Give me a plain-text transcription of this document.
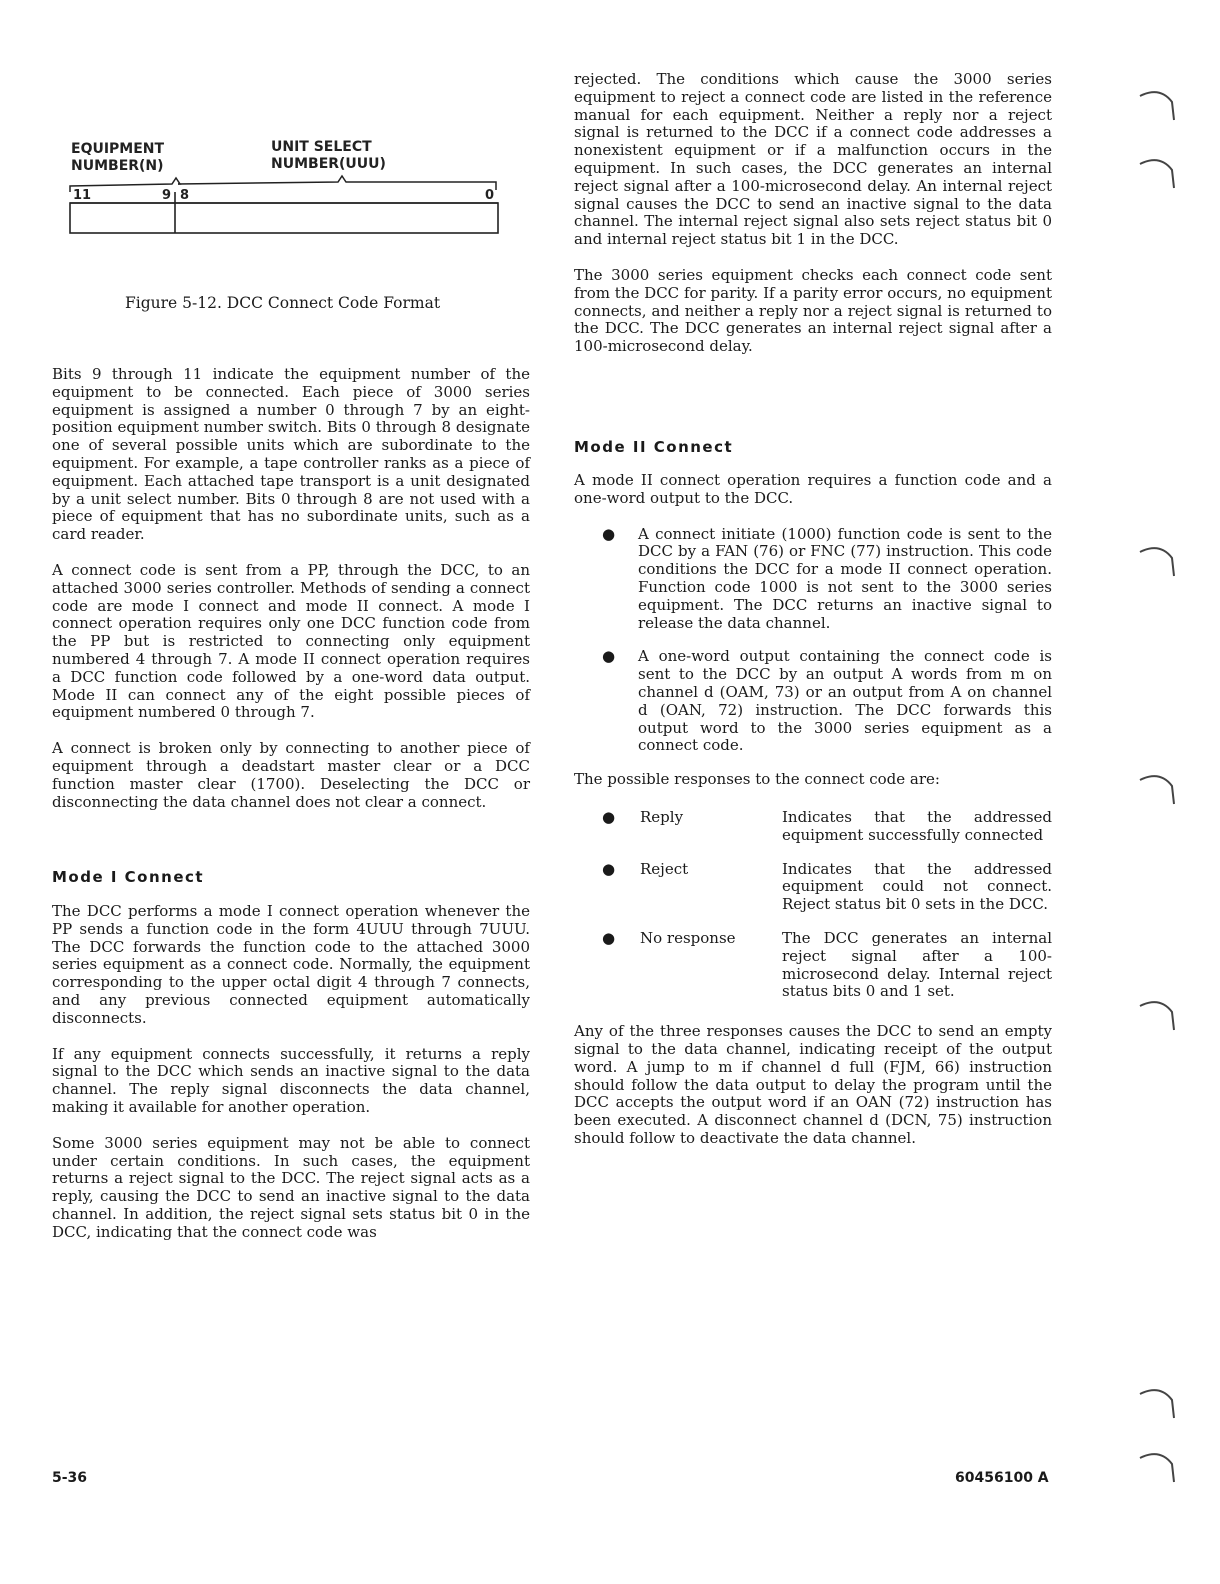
EQUIPMENT
NUMBER(N)
UNIT SELECT
NUMBER(UUU)
11	9 8	0
Figure 5-12. DCC Connect Code Format

Bits 9 through 11 indicate the equipment number of the equipment to be connected. Each piece of 3000 series equipment is assigned a number 0 through 7 by an eight-position equipment number switch. Bits 0 through 8 designate one of several possible units which are subordinate to the equipment. For example, a tape controller ranks as a piece of equipment. Each attached tape transport is a unit designated by a unit select number. Bits 0 through 8 are not used with a piece of equipment that has no subordinate units, such as a card reader.

A connect code is sent from a PP, through the DCC, to an attached 3000 series controller. Methods of sending a connect code are mode I connect and mode II connect. A mode I connect operation requires only one DCC function code from the PP but is restricted to connecting only equipment numbered 4 through 7. A mode II connect operation requires a DCC function code followed by a one-word data output. Mode II can connect any of the eight possible pieces of equipment numbered 0 through 7.

A connect is broken only by connecting to another piece of equipment through a deadstart master clear or a DCC function master clear (1700). Deselecting the DCC or disconnecting the data channel does not clear a connect.

Mode I Connect

The DCC performs a mode I connect operation whenever the PP sends a function code in the form 4UUU through 7UUU. The DCC forwards the function code to the attached 3000 series equipment as a connect code. Normally, the equipment corresponding to the upper octal digit 4 through 7 connects, and any previous connected equipment automatically disconnects.

If any equipment connects successfully, it returns a reply signal to the DCC which sends an inactive signal to the data channel. The reply signal disconnects the data channel, making it available for another operation.

Some 3000 series equipment may not be able to connect under certain conditions. In such cases, the equipment returns a reject signal to the DCC. The reject signal acts as a reply, causing the DCC to send an inactive signal to the data channel. In addition, the reject signal sets status bit 0 in the DCC, indicating that the connect code was

rejected. The conditions which cause the 3000 series equipment to reject a connect code are listed in the reference manual for each equipment. Neither a reply nor a reject signal is returned to the DCC if a connect code addresses a nonexistent equipment or if a malfunction occurs in the equipment. In such cases, the DCC generates an internal reject signal after a 100-microsecond delay. An internal reject signal causes the DCC to send an inactive signal to the data channel. The internal reject signal also sets reject status bit 0 and internal reject status bit 1 in the DCC.

The 3000 series equipment checks each connect code sent from the DCC for parity. If a parity error occurs, no equipment connects, and neither a reply nor a reject signal is returned to the DCC. The DCC generates an internal reject signal after a 100-microsecond delay.

Mode II Connect

A mode II connect operation requires a function code and a one-word output to the DCC.

● A connect initiate (1000) function code is sent to the DCC by a FAN (76) or FNC (77) instruction. This code conditions the DCC for a mode II connect operation. Function code 1000 is not sent to the 3000 series equipment. The DCC returns an inactive signal to release the data channel.
● A one-word output containing the connect code is sent to the DCC by an output A words from m on channel d (OAM, 73) or an output from A on channel d (OAN, 72) instruction. The DCC forwards this output word to the 3000 series equipment as a connect code.

The possible responses to the connect code are:

● Reply	Indicates that the addressed equipment successfully connected
● Reject	Indicates that the addressed equipment could not connect. Reject status bit 0 sets in the DCC.
● No response	The DCC generates an internal reject signal after a 100-microsecond delay. Internal reject status bits 0 and 1 set.

Any of the three responses causes the DCC to send an empty signal to the data channel, indicating receipt of the output word. A jump to m if channel d full (FJM, 66) instruction should follow the data output to delay the program until the DCC accepts the output word if an OAN (72) instruction has been executed. A disconnect channel d (DCN, 75) instruction should follow to deactivate the data channel.

5-36	60456100 A
